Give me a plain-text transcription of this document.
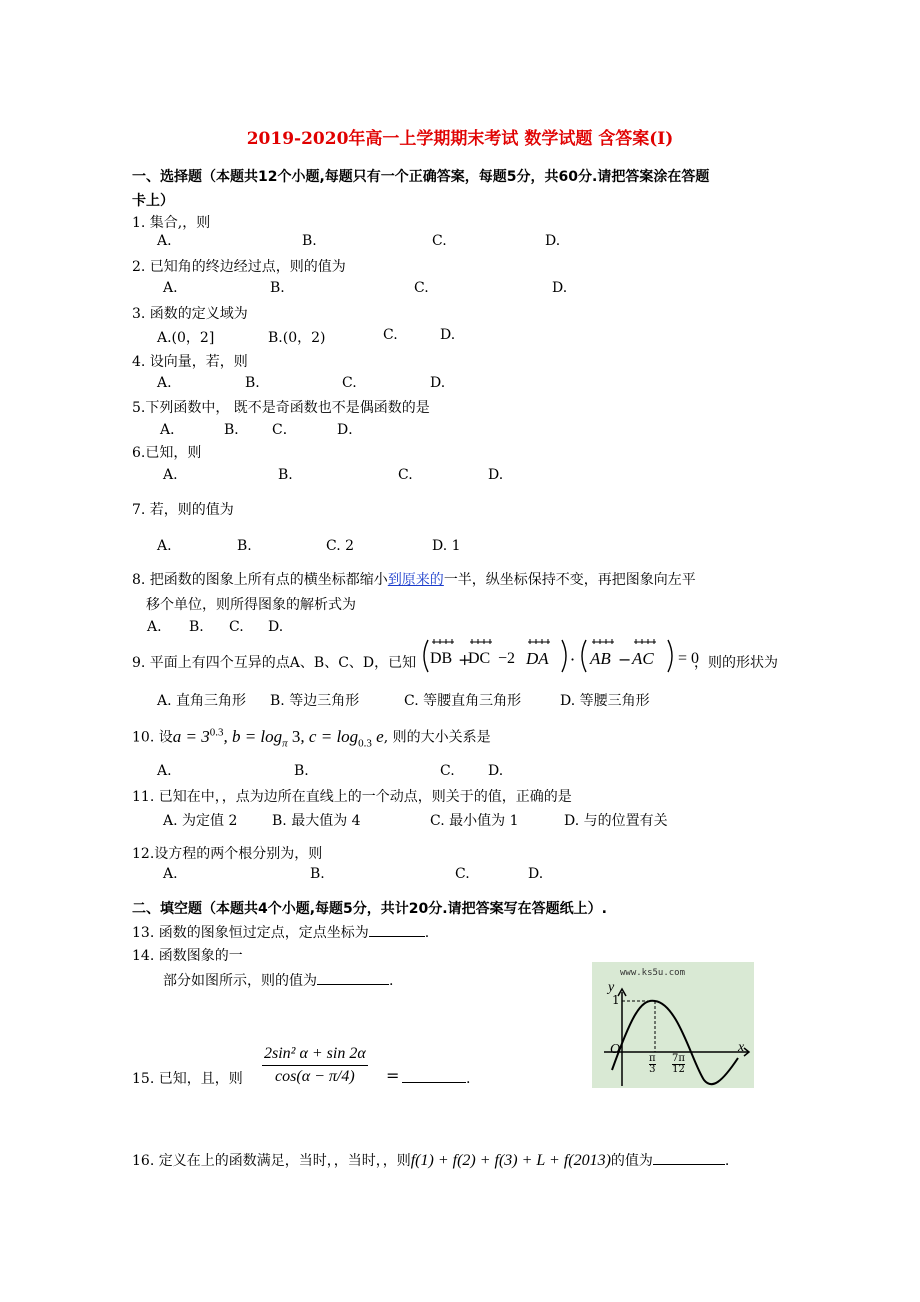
2019-2020年高一上学期期末考试 数学试题 含答案(I)
一、选择题（本题共12个小题,每题只有一个正确答案，每题5分，共60分.请把答案涂在答题
卡上）
1. 集合,，则
A.	B.	C.	D.
2. 已知角的终边经过点，则的值为
A.	B.	C.	D.
3. 函数的定义域为
A.(0，2]	B.(0，2)	C.	D.
4. 设向量，若，则
A.	B.	C.	D.
5.下列函数中， 既不是奇函数也不是偶函数的是
A．	B． C．	D．
6.已知，则
A.	B.	C.	D.
7. 若，则的值为
A.	B.	C. 2	D. 1
8. 把函数的图象上所有点的横坐标都缩小到原来的一半，纵坐标保持不变，再把图象向左平
移个单位，则所得图象的解析式为
A. B. C. D.
9. 平面上有四个互异的点A、B、C、D，已知 DB +
DC −2 DA · AB − AC = 0
，则的形状为
A. 直角三角形 B. 等边三角形	C. 等腰直角三角形	D. 等腰三角形
10. 设$a = 3^{0.3}$, $b = \log_\pi 3$, $c = \log_{0.3} e$, 则的大小关系是
A.	B.	C. D.
11. 已知在中，，点为边所在直线上的一个动点，则关于的值，正确的是
A. 为定值 2 B. 最大值为 4	C. 最小值为 1	D. 与的位置有关
12.设方程的两个根分别为，则
A.	B.	C.	D.
二、填空题（本题共4个小题,每题5分，共计20分.请把答案写在答题纸上）.
13. 函数的图象恒过定点，定点坐标为	.
14. 函数图象的一
部分如图所示，则的值为	.	www.ks5u.com
y
x
O
1
$\frac{\pi}{3} \frac{7\pi}{12}$
15. 已知，且，则 $\frac{\text{2sin² α + sin 2α}}{\cos(\alpha - \pi/4)}$ =	.
16. 定义在上的函数满足，当时，，当时，，则f(1) + f(2) + f(3) + L + f(2013)的值为	.
